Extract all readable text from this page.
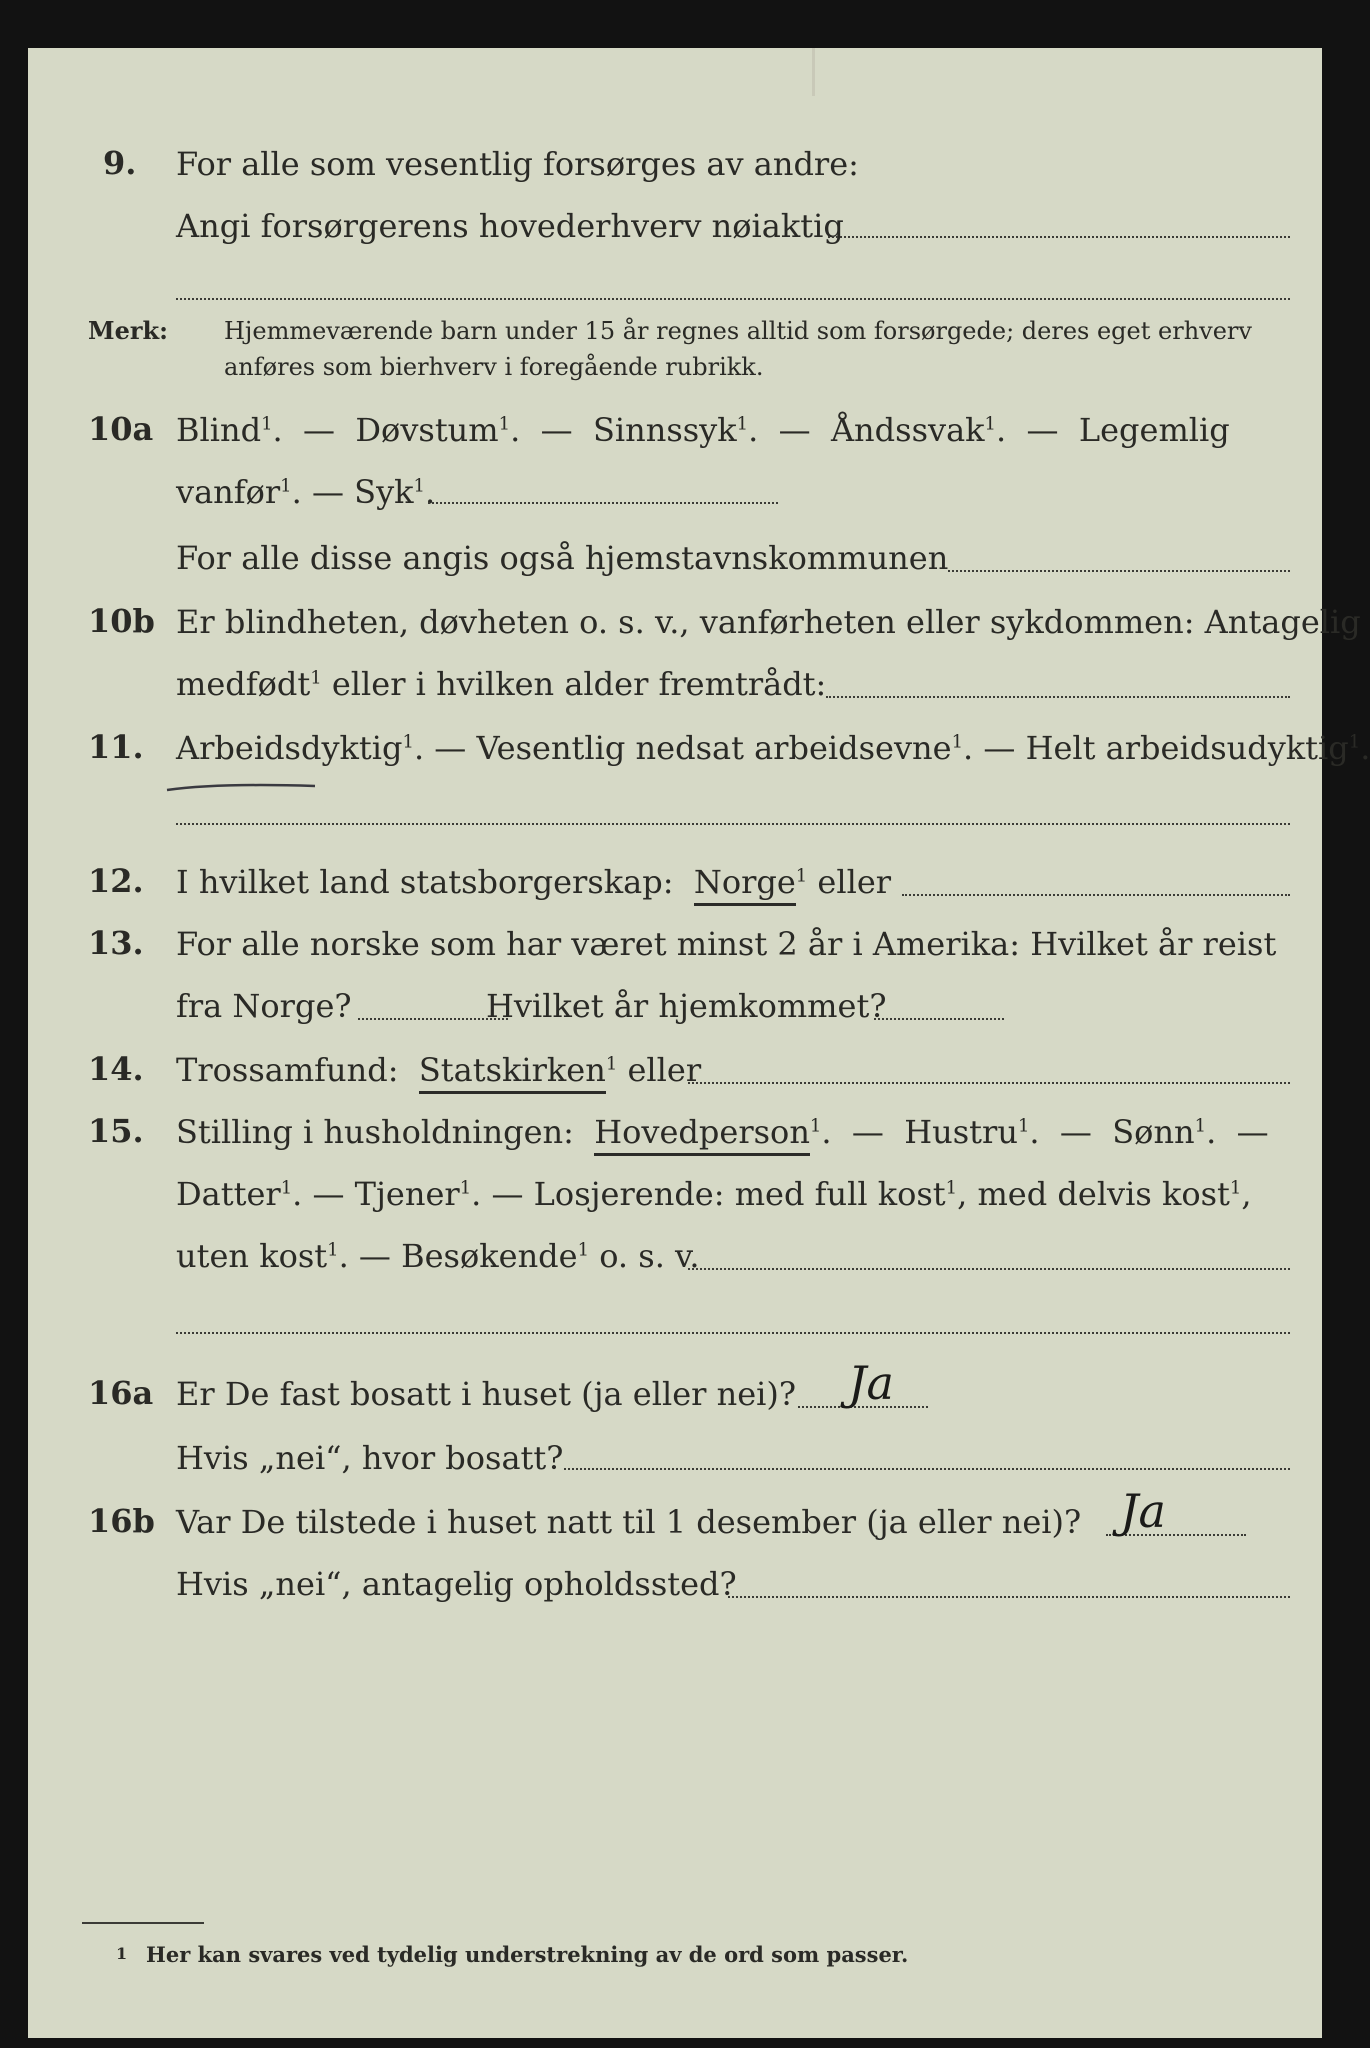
9. For alle som vesentlig forsørges av andre:
Angi forsørgerens hovederhverv nøiaktig
Merk: Hjemmeværende barn under 15 år regnes alltid som forsørgede; deres eget erhverv
anføres som bierhverv i foregående rubrikk.
10a Blind$^1$. — Døvstum$^1$. — Sinnssyk$^1$. — Åndssvak$^1$. — Legemlig
vanfør$^1$. — Syk$^1$.
For alle disse angis også hjemstavnskommunen
10b Er blindheten, døvheten o. s. v., vanførheten eller sykdommen: Antagelig
medfødt$^1$ eller i hvilken alder fremtrådt:
11. Arbeidsdyktig$^1$. — Vesentlig nedsat arbeidsevne$^1$. — Helt arbeidsudyktig$^1$.
12. I hvilket land statsborgerskap: Norge$^1$ eller
13. For alle norske som har været minst 2 år i Amerika: Hvilket år reist
fra Norge?	Hvilket år hjemkommet?
14. Trossamfund: Statskirken$^1$ eller
15. Stilling i husholdningen: Hovedperson$^1$. — Hustru$^1$. — Sønn$^1$. —
Datter$^1$. — Tjener$^1$. — Losjerende: med full kost$^1$, med delvis kost$^1$,
uten kost$^1$. — Besøkende$^1$ o. s. v.
16a Er De fast bosatt i huset (ja eller nei)? Ja
Hvis „nei“, hvor bosatt?
16b Var De tilstede i huset natt til 1 desember (ja eller nei)? Ja
Hvis „nei“, antagelig opholdssted?
1 Her kan svares ved tydelig understrekning av de ord som passer.
